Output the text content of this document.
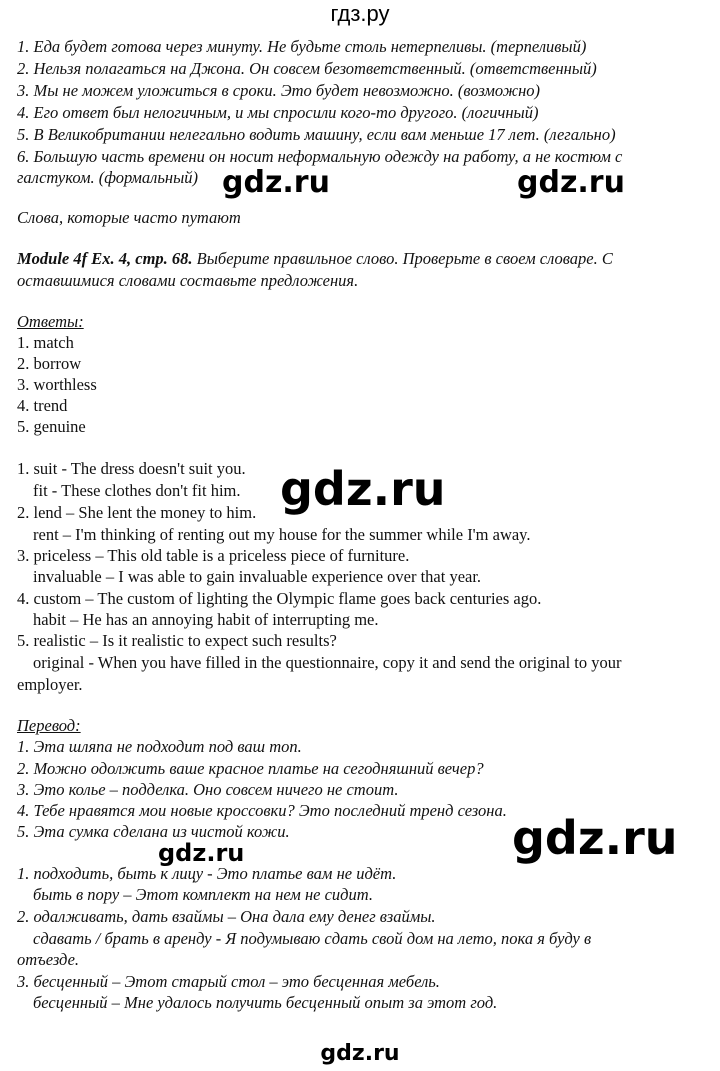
гдз.ру
1. Еда будет готова через минуту. Не будьте столь нетерпеливы. (терпеливый)
2. Нельзя полагаться на Джона. Он совсем безответственный. (ответственный)
3. Мы не можем уложиться в сроки. Это будет невозможно. (возможно)
4. Его ответ был нелогичным, и мы спросили кого-то другого. (логичный)
5. В Великобритании нелегально водить машину, если вам меньше 17 лет. (легально)
6. Большую часть времени он носит неформальную одежду на работу, а не костюм с
галстуком. (формальный) gdz.ru	gdz.ru
Слова, которые часто путают
Module 4f Ex. 4, стр. 68. Выберите правильное слово. Проверьте в своем словаре. С
оставшимися словами составьте предложения.
Ответы:
1. match
2. borrow
3. worthless
4. trend
5. genuine
1. suit - The dress doesn't suit you.
fit - These clothes don't fit him.
2. lend – She lent the money to him.
rent – I'm thinking of renting out my house for the summer while I'm away.
3. priceless – This old table is a priceless piece of furniture.
invaluable – I was able to gain invaluable experience over that year.
4. custom – The custom of lighting the Olympic flame goes back centuries ago.
habit – He has an annoying habit of interrupting me.
5. realistic – Is it realistic to expect such results?
original - When you have filled in the questionnaire, copy it and send the original to your
employer.
gdz.ru
Перевод:
1. Эта шляпа не подходит под ваш топ.
2. Можно одолжить ваше красное платье на сегодняшний вечер?
3. Это колье – подделка. Оно совсем ничего не стоит.
4. Тебе нравятся мои новые кроссовки? Это последний тренд сезона.
5. Эта сумка сделана из чистой кожи.	gdz.ru
gdz.ru
1. подходить, быть к лицу - Это платье вам не идёт.
быть в пору – Этот комплект на нем не сидит.
2. одалживать, дать взаймы – Она дала ему денег взаймы.
сдавать / брать в аренду - Я подумываю сдать свой дом на лето, пока я буду в
отъезде.
3. бесценный – Этот старый стол – это бесценная мебель.
бесценный – Мне удалось получить бесценный опыт за этот год.
gdz.ru
